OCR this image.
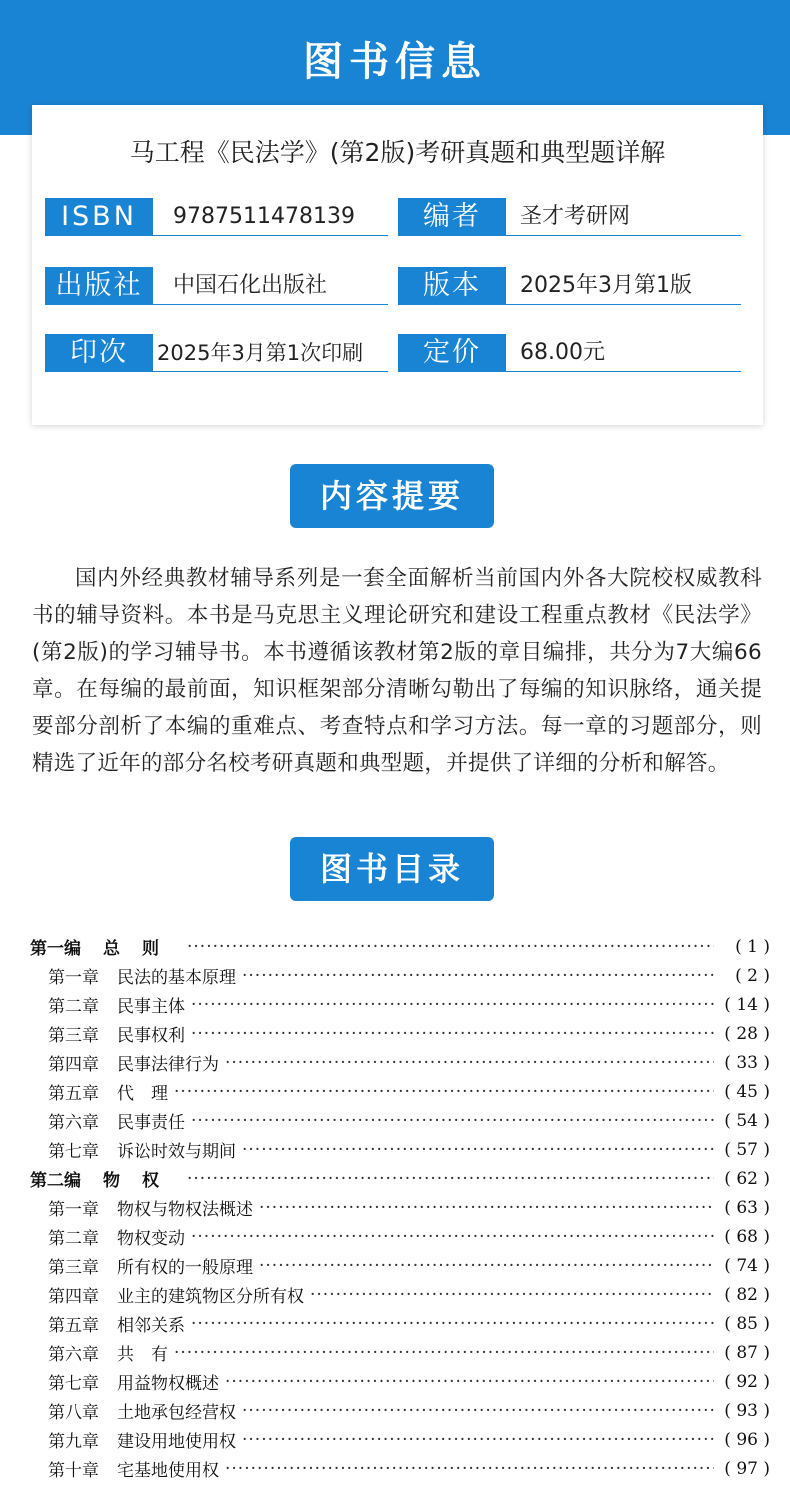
图书信息
马工程《民法学》(第2版)考研真题和典型题详解
ISBN	9787511478139	编者	圣才考研网
出版社	中国石化出版社	版本	2025年3月第1版
印次	2025年3月第1次印刷	定价	68.00元
内容提要
国内外经典教材辅导系列是一套全面解析当前国内外各大院校权威教科书的辅导资料。本书是马克思主义理论研究和建设工程重点教材《民法学》(第2版)的学习辅导书。本书遵循该教材第2版的章目编排，共分为7大编66章。在每编的最前面，知识框架部分清晰勾勒出了每编的知识脉络，通关提要部分剖析了本编的重难点、考查特点和学习方法。每一章的习题部分，则精选了近年的部分名校考研真题和典型题，并提供了详细的分析和解答。
图书目录
第一编 总则 ·····	( 1 )
第一章 民法的基本原理 ·····	( 2 )
第二章 民事主体 ·····	( 14 )
第三章 民事权利 ·····	( 28 )
第四章 民事法律行为 ·····	( 33 )
第五章 代　理 ·····	( 45 )
第六章 民事责任 ·····	( 54 )
第七章 诉讼时效与期间 ·····	( 57 )
第二编 物权 ·····	( 62 )
第一章 物权与物权法概述 ·····	( 63 )
第二章 物权变动 ·····	( 68 )
第三章 所有权的一般原理 ·····	( 74 )
第四章 业主的建筑物区分所有权 ·····	( 82 )
第五章 相邻关系 ·····	( 85 )
第六章 共　有 ·····	( 87 )
第七章 用益物权概述 ·····	( 92 )
第八章 土地承包经营权 ·····	( 93 )
第九章 建设用地使用权 ·····	( 96 )
第十章 宅基地使用权 ·····	( 97 )
